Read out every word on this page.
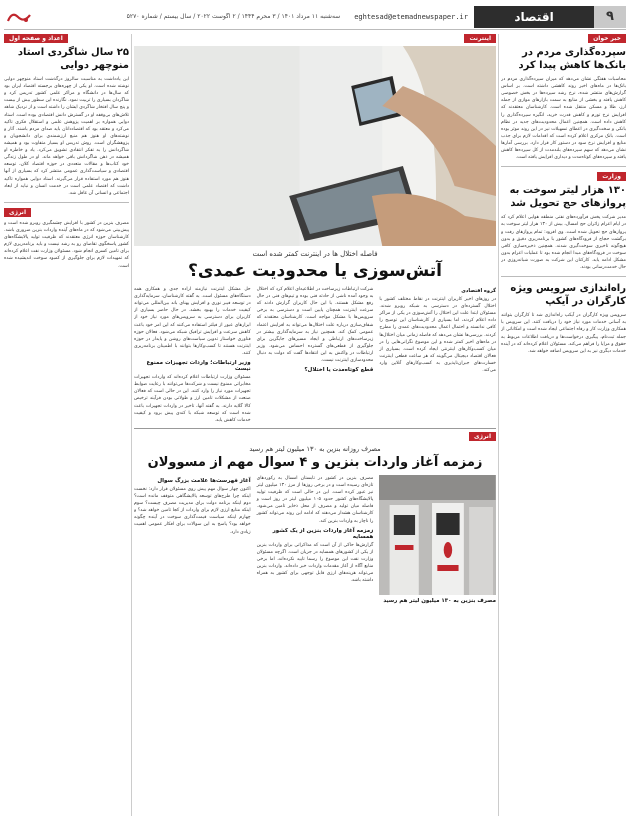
۹
اقتصاد
eghtesad@etemadnewspaper.ir
سه‌شنبه ۱۱ مرداد ۱۴۰۱ / ۳ محرم ۱۴۴۴ / ۲ آگوست ۲۰۲۲ / سال بیستم / شماره ۵۲۷۰
خبر خوان
سپرده‌گذاری مردم در بانک‌ها کاهش پیدا کرد
محاسبات هفتگی نشان می‌دهد که میزان سپرده‌گذاری مردم در بانک‌ها در ماه‌های اخیر روند کاهشی داشته است. بر اساس گزارش‌های منتشر شده، نرخ رشد سپرده‌ها در بخش خصوصی کاهش یافته و بخشی از منابع به سمت بازارهای موازی از جمله ارز، طلا و مسکن منتقل شده است. کارشناسان معتقدند که افزایش نرخ تورم و کاهش قدرت خرید، انگیزه سپرده‌گذاری را کاهش داده است. همچنین اعمال محدودیت‌های جدید در نظام بانکی و سخت‌گیری در اعطای تسهیلات نیز در این روند موثر بوده است. بانک مرکزی اعلام کرده است که اقدامات لازم برای جذب منابع و افزایش نرخ سود در دستور کار قرار دارد. بررسی آمارها نشان می‌دهد که سهم سپرده‌های بلندمدت از کل سپرده‌ها کاهش یافته و سپرده‌های کوتاه‌مدت و دیداری افزایش یافته است.
وزارت
۱۳۰ هزار لیتر سوخت به پروازهای حج تحویل شد
مدیر شرکت پخش فرآورده‌های نفتی منطقه هوایی اعلام کرد که در ایام اعزام زائران حج امسال، بیش از ۱۳۰ هزار لیتر سوخت به پروازهای حج تحویل شده است. وی افزود: تمام پروازهای رفت و برگشت حجاج از فرودگاه‌های کشور با برنامه‌ریزی دقیق و بدون هیچ‌گونه تاخیری سوخت‌گیری شدند. همچنین ذخیره‌سازی کافی سوخت در فرودگاه‌های مبدا انجام شده بود تا عملیات اعزام بدون مشکل ادامه یابد. کارکنان این شرکت به صورت شبانه‌روزی در حال خدمت‌رسانی بودند.
راه‌اندازی سرویس ویژه کارگران در آیکپ
سرویس ویژه کارگران در آیکپ راه‌اندازی شد تا کارگران بتوانند به آسانی خدمات مورد نیاز خود را دریافت کنند. این سرویس با همکاری وزارت کار و رفاه اجتماعی ایجاد شده است و امکاناتی از جمله ثبت‌نام، پیگیری درخواست‌ها و دریافت اطلاعات مربوط به حقوق و مزایا را فراهم می‌کند. مسئولان اعلام کرده‌اند که در آینده خدمات دیگری نیز به این سرویس اضافه خواهد شد.
اعداد و صفحه اول
۲۵ سال شاگردی استاد منوچهر دوایی
این یادداشت به مناسبت سالروز درگذشت استاد منوچهر دوایی نوشته شده است. او یکی از چهره‌های برجسته اقتصاد ایران بود که سال‌ها در دانشگاه و مراکز علمی کشور تدریس کرد و شاگردان بسیاری را تربیت نمود. نگارنده این سطور بیش از بیست و پنج سال افتخار شاگردی ایشان را داشته است و از نزدیک شاهد تلاش‌های بی‌وقفه او در گسترش دانش اقتصادی بوده است. استاد دوایی همواره بر اهمیت پژوهش علمی و استقلال فکری تاکید می‌کرد و معتقد بود که اقتصاددانان باید صدای مردم باشند. آثار و نوشته‌های او هنوز هم منبع ارزشمندی برای دانشجویان و پژوهشگران است. روش تدریس او بسیار متفاوت بود و همیشه شاگردانش را به تفکر انتقادی تشویق می‌کرد. یاد و خاطره او همیشه در ذهن شاگردانش باقی خواهد ماند. او در طول زندگی خود کتاب‌ها و مقالات متعددی در حوزه اقتصاد کلان، توسعه اقتصادی و سیاست‌گذاری عمومی منتشر کرد که بسیاری از آنها هنوز هم مورد استفاده قرار می‌گیرند. استاد دوایی همواره تاکید داشت که اقتصاد علمی است در خدمت انسان و نباید از ابعاد اجتماعی و انسانی آن غافل شد.
انرژی
مصرف بنزین در کشور با افزایش چشمگیری روبرو شده است و پیش‌بینی می‌شود که در ماه‌های آینده واردات بنزین ضروری باشد. کارشناسان حوزه انرژی معتقدند که ظرفیت تولید پالایشگاه‌های کشور پاسخگوی تقاضای رو به رشد نیست و باید برنامه‌ریزی لازم برای تامین کسری انجام شود. مسئولان وزارت نفت اعلام کرده‌اند که تمهیدات لازم برای جلوگیری از کمبود سوخت اندیشیده شده است.
اینترنت
فاصله اختلال ها در اینترنت کمتر شده است
آتش‌سوزی یا محدودیت عمدی؟
گروه اقتصادی
در روزهای اخیر کاربران اینترنت در نقاط مختلف کشور با اختلال گسترده‌ای در دسترسی به شبکه روبرو شدند. مسئولان ابتدا علت این اختلال را آتش‌سوزی در یکی از مراکز داده اعلام کردند، اما بسیاری از کارشناسان این توضیح را کافی ندانسته و احتمال اعمال محدودیت‌های عمدی را مطرح کردند. بررسی‌ها نشان می‌دهد که فاصله زمانی میان اختلال‌ها در ماه‌های اخیر کمتر شده و این موضوع نگرانی‌هایی را در میان کسب‌وکارهای اینترنتی ایجاد کرده است. بسیاری از فعالان اقتصاد دیجیتال می‌گویند که هر ساعت قطعی اینترنت خسارت‌های جبران‌ناپذیری به کسب‌وکارهای آنلاین وارد می‌کند.
شرکت ارتباطات زیرساخت در اطلاعیه‌ای اعلام کرد که اختلال به وجود آمده ناشی از حادثه فنی بوده و تیم‌های فنی در حال رفع مشکل هستند. با این حال کاربران گزارش دادند که سرعت اینترنت همچنان پایین است و دسترسی به برخی سرویس‌ها با مشکل مواجه است. کارشناسان معتقدند که شفاف‌سازی درباره علت اختلال‌ها می‌تواند به افزایش اعتماد عمومی کمک کند. همچنین نیاز به سرمایه‌گذاری بیشتر در زیرساخت‌های ارتباطی و ایجاد مسیرهای جایگزین برای جلوگیری از قطعی‌های گسترده احساس می‌شود. وزیر ارتباطات در واکنش به این انتقادها گفت که دولت به دنبال محدودسازی اینترنت نیست.
قطع کوتاه‌مدت یا اختلال؟
حل مشکل اینترنت نیازمند اراده جدی و همکاری همه دستگاه‌های مسئول است. به گفته کارشناسان، سرمایه‌گذاری در توسعه فیبر نوری و افزایش پهنای باند بین‌المللی می‌تواند کیفیت خدمات را بهبود بخشد. در حال حاضر بسیاری از کاربران برای دسترسی به سرویس‌های مورد نیاز خود از ابزارهای عبور از فیلتر استفاده می‌کنند که این امر خود باعث کاهش سرعت و افزایش ترافیک شبکه می‌شود. فعالان حوزه فناوری خواستار تدوین سیاست‌های روشن و پایدار در حوزه اینترنت هستند تا کسب‌وکارها بتوانند با اطمینان برنامه‌ریزی کنند.
وزیر ارتباطات؛ واردات تجهیزات ممنوع نیست
مسئولان وزارت ارتباطات اعلام کرده‌اند که واردات تجهیزات مخابراتی ممنوع نیست و شرکت‌ها می‌توانند با رعایت ضوابط تجهیزات مورد نیاز را وارد کنند. این در حالی است که فعالان صنعت از مشکلات تامین ارز و طولانی بودن فرآیند ترخیص کالا گلایه دارند. به گفته آنها، تاخیر در واردات تجهیزات باعث شده است که توسعه شبکه با کندی پیش برود و کیفیت خدمات کاهش یابد.
انرژی
مصرف روزانه بنزین به ۱۳۰ میلیون لیتر هم رسید
زمزمه آغاز واردات بنزین و ۴ سوال مهم از مسوولان
مصرف بنزین به ۱۳۰ میلیون لیتر هم رسید
مصرف بنزین در کشور در تابستان امسال به رکوردهای تازه‌ای رسیده است و در برخی روزها از مرز ۱۳۰ میلیون لیتر نیز عبور کرده است. این در حالی است که ظرفیت تولید پالایشگاه‌های کشور حدود ۱۰۵ میلیون لیتر در روز است و فاصله میان تولید و مصرف از محل ذخایر تامین می‌شود. کارشناسان هشدار می‌دهند که ادامه این روند می‌تواند کشور را ناچار به واردات بنزین کند.
زمزمه آغاز واردات بنزین از یک کشور همسایه
گزارش‌ها حاکی از آن است که مذاکراتی برای واردات بنزین از یکی از کشورهای همسایه در جریان است. اگرچه مسئولان وزارت نفت این موضوع را رسما تایید نکرده‌اند، اما برخی منابع آگاه از آغاز مقدمات واردات خبر داده‌اند. واردات بنزین می‌تواند هزینه‌های ارزی قابل توجهی برای کشور به همراه داشته باشد.
آغاز فهرست‌ها علامت بزرگ سوال
اکنون چهار سوال مهم پیش روی مسئولان قرار دارد: نخست اینکه چرا طرح‌های توسعه پالایشگاهی متوقف مانده است؟ دوم اینکه برنامه دولت برای مدیریت مصرف چیست؟ سوم اینکه منابع ارزی لازم برای واردات از کجا تامین خواهد شد؟ و چهارم اینکه سیاست قیمت‌گذاری سوخت در آینده چگونه خواهد بود؟ پاسخ به این سوالات برای افکار عمومی اهمیت زیادی دارد.
